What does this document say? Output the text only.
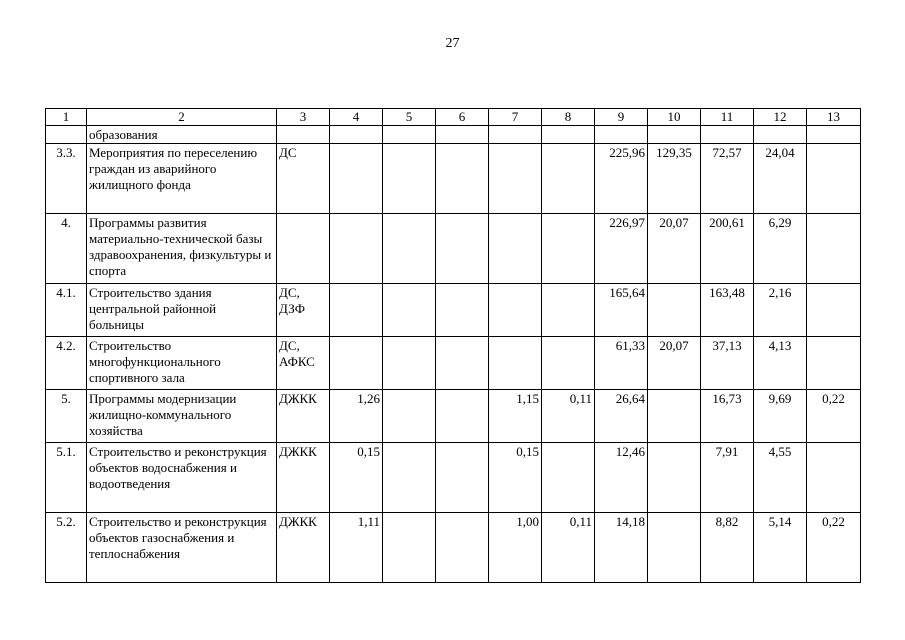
27
1	2	3	4	5	6	7	8	9	10	11	12	13
	образования											
3.3.	Мероприятия по переселению граждан из аварийного жилищного фонда	ДС						225,96	129,35	72,57	24,04	
4.	Программы развития материально-технической базы здравоохранения, физкультуры и спорта							226,97	20,07	200,61	6,29	
4.1.	Строительство здания центральной районной больницы	ДС, ДЗФ						165,64		163,48	2,16	
4.2.	Строительство многофункционального спортивного зала	ДС, АФКС						61,33	20,07	37,13	4,13	
5.	Программы модернизации жилищно-коммунального хозяйства	ДЖКК	1,26			1,15	0,11	26,64		16,73	9,69	0,22
5.1.	Строительство и реконструкция объектов водоснабжения и водоотведения	ДЖКК	0,15			0,15		12,46		7,91	4,55	
5.2.	Строительство и реконструкция объектов газоснабжения и теплоснабжения	ДЖКК	1,11			1,00	0,11	14,18		8,82	5,14	0,22
